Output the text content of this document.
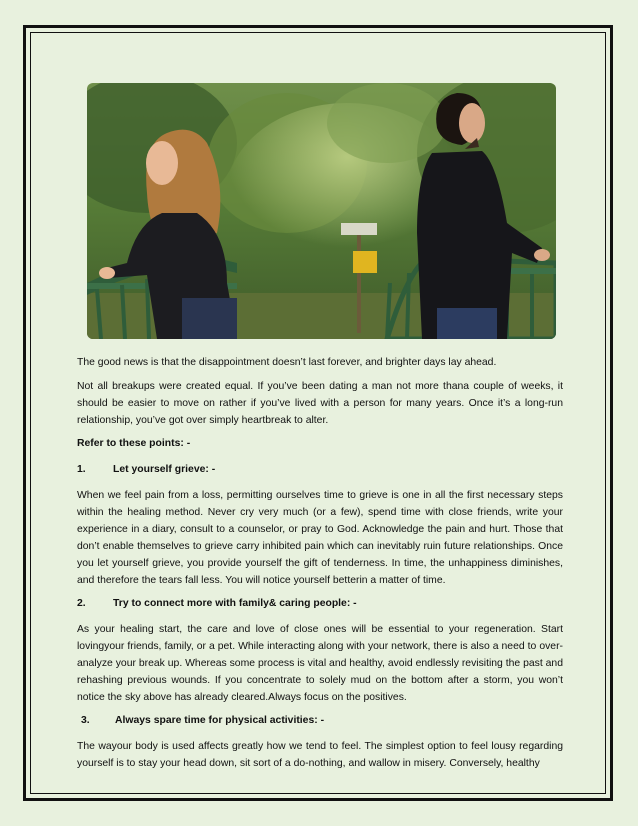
The good news is that the disappointment doesn’t last forever, and brighter days lay ahead.

Not all breakups were created equal. If you’ve been dating a man not more thana couple of weeks, it should be easier to move on rather if you’ve lived with a person for many years. Once it’s a long-run relationship, you’ve got over simply heartbreak to alter.

Refer to these points: -
1.	Let yourself grieve: -

When we feel pain from a loss, permitting ourselves time to grieve is one in all the first necessary steps within the healing method. Never cry very much (or a few), spend time with close friends, write your experience in a diary, consult to a counselor, or pray to God. Acknowledge the pain and hurt. Those that don’t enable themselves to grieve carry inhibited pain which can inevitably ruin future relationships. Once you let yourself grieve, you provide yourself the gift of tenderness. In time, the unhappiness diminishes, and therefore the tears fall less. You will notice yourself betterin a matter of time.

2.	Try to connect more with family& caring people: -

As your healing start, the care and love of close ones will be essential to your regeneration. Start lovingyour friends, family, or a pet. While interacting along with your network, there is also a need to over-analyze your break up. Whereas some process is vital and healthy, avoid endlessly revisiting the past and rehashing previous wounds. If you concentrate to solely mud on the bottom after a storm, you won’t notice the sky above has already cleared.Always focus on the positives.

3. Always spare time for physical activities: -

The wayour body is used affects greatly how we tend to feel. The simplest option to feel lousy regarding yourself is to stay your head down, sit sort of a do-nothing, and wallow in misery. Conversely, healthy
